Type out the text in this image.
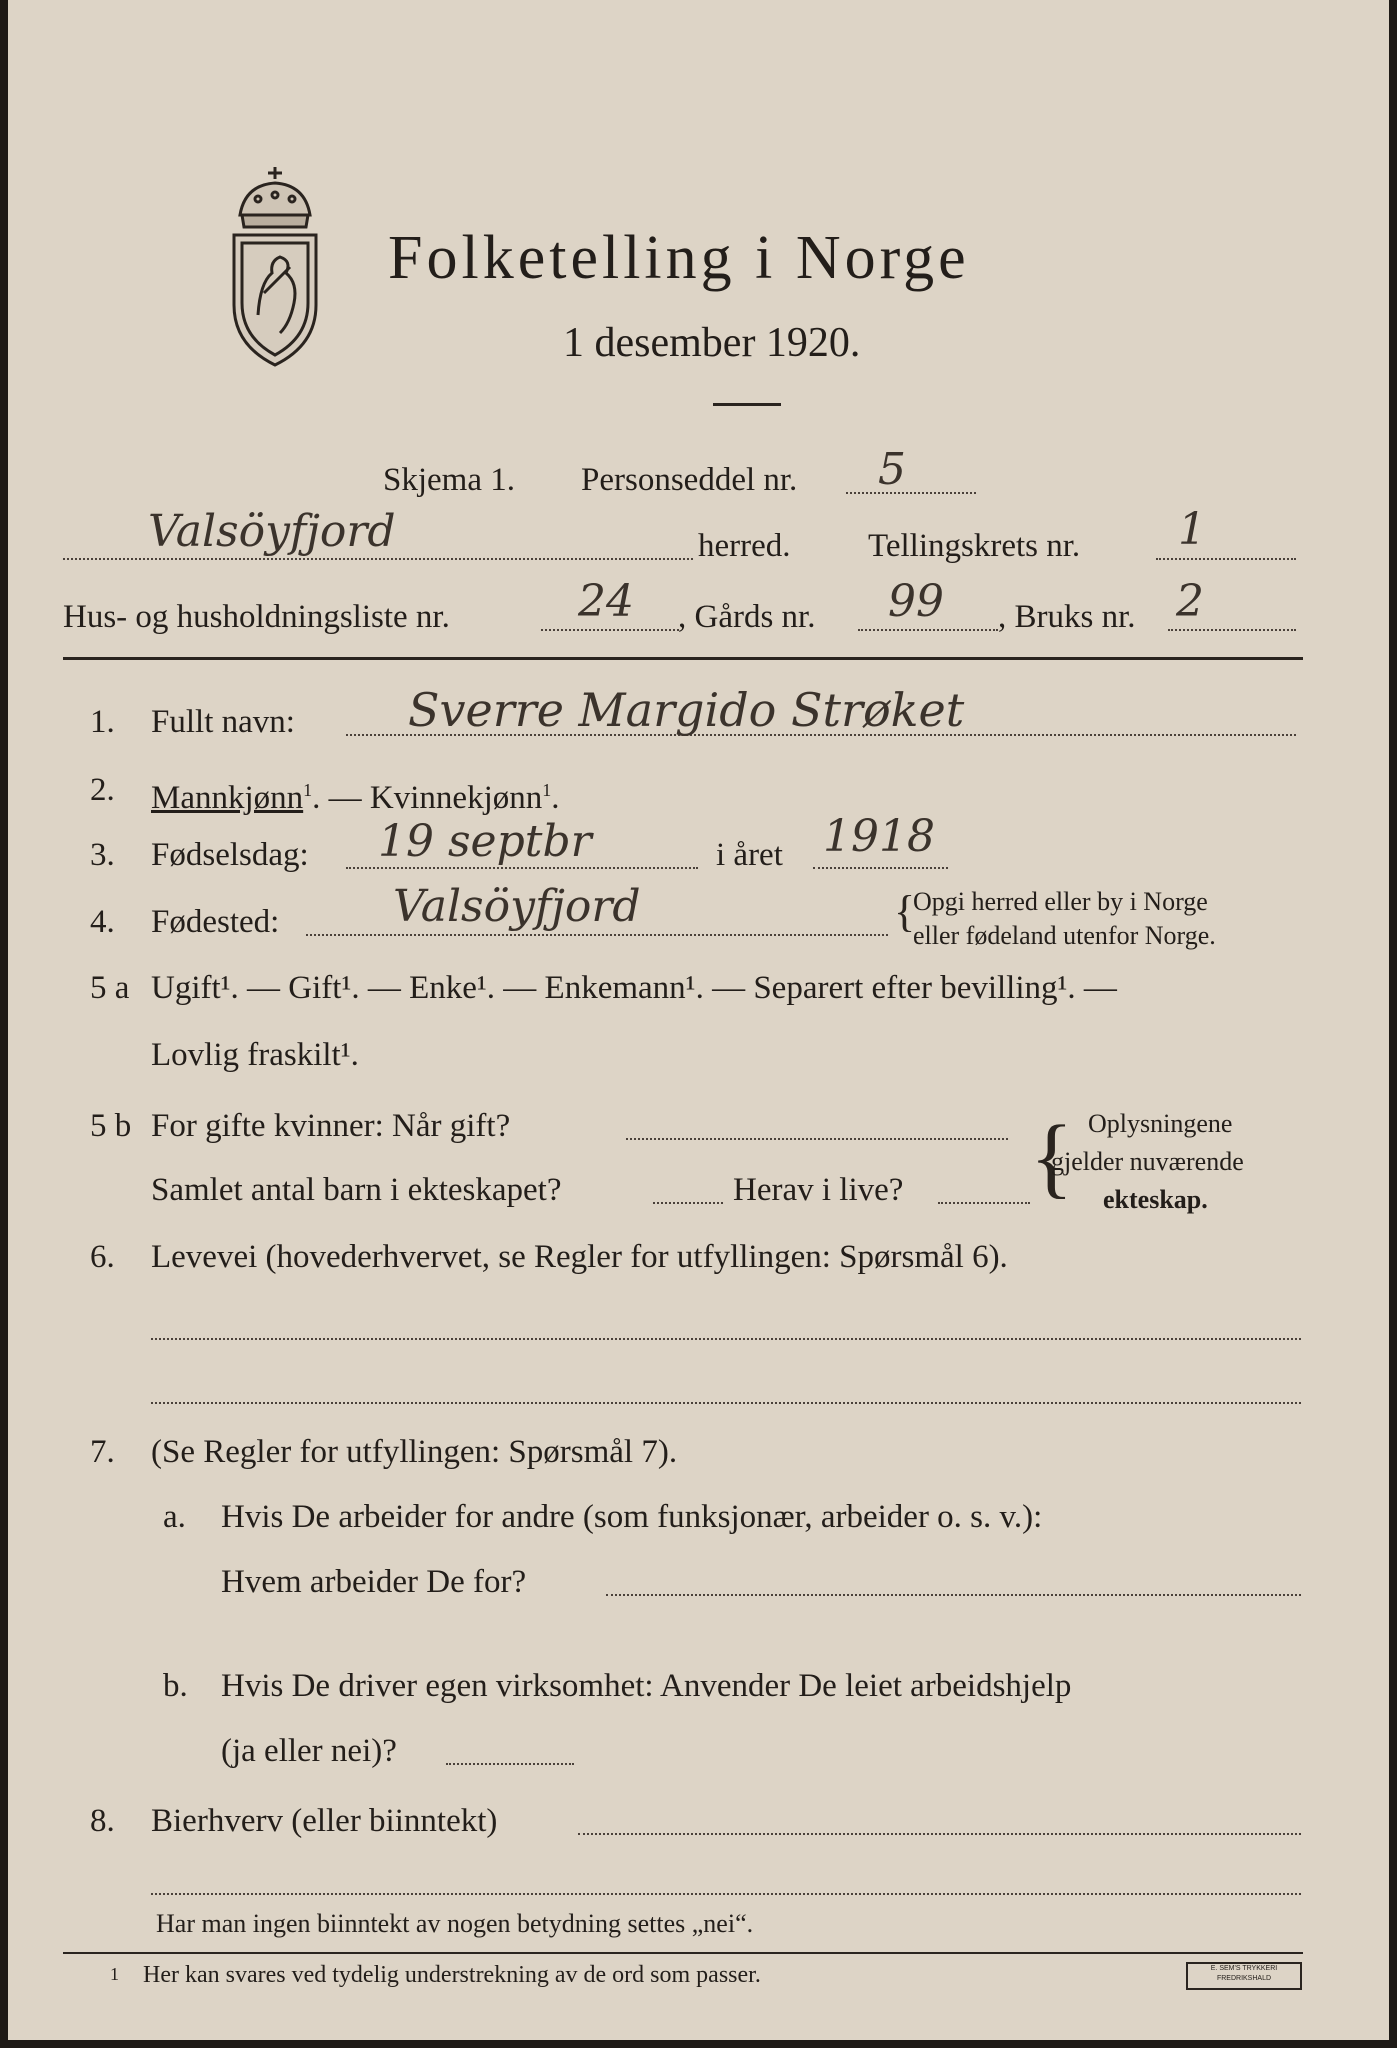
Folketelling i Norge
1 desember 1920.
Skjema 1. Personseddel nr. 5
Valsöyfjord	herred. Tellingskrets nr. 1
Hus- og husholdningsliste nr.	24 , Gårds nr. 99 , Bruks nr. 2
1. Fullt navn: Sverre Margido Strøket
2. Mannkjønn$^1$. — Kvinnekjønn$^1$.
3. Fødselsdag: 19 septbr	i året 1918
4. Fødested:	Valsöyfjord	{
Opgi herred eller by i Norge
eller fødeland utenfor Norge.
5 a Ugift¹. — Gift¹. — Enke¹. — Enkemann¹. — Separert efter bevilling¹. —
Lovlig fraskilt¹.
5 b For gifte kvinner: Når gift?
Samlet antal barn i ekteskapet?	Herav i live? { Oplysningene
gjelder nuværende
ekteskap.
6. Levevei (hovederhvervet, se Regler for utfyllingen: Spørsmål 6).
7. (Se Regler for utfyllingen: Spørsmål 7).
a. Hvis De arbeider for andre (som funksjonær, arbeider o. s. v.):
Hvem arbeider De for?
b. Hvis De driver egen virksomhet: Anvender De leiet arbeidshjelp
(ja eller nei)?
8. Bierhverv (eller biinntekt)
Har man ingen biinntekt av nogen betydning settes „nei“.
1 Her kan svares ved tydelig understrekning av de ord som passer.	E. SEM'S TRYKKERI FREDRIKSHALD
